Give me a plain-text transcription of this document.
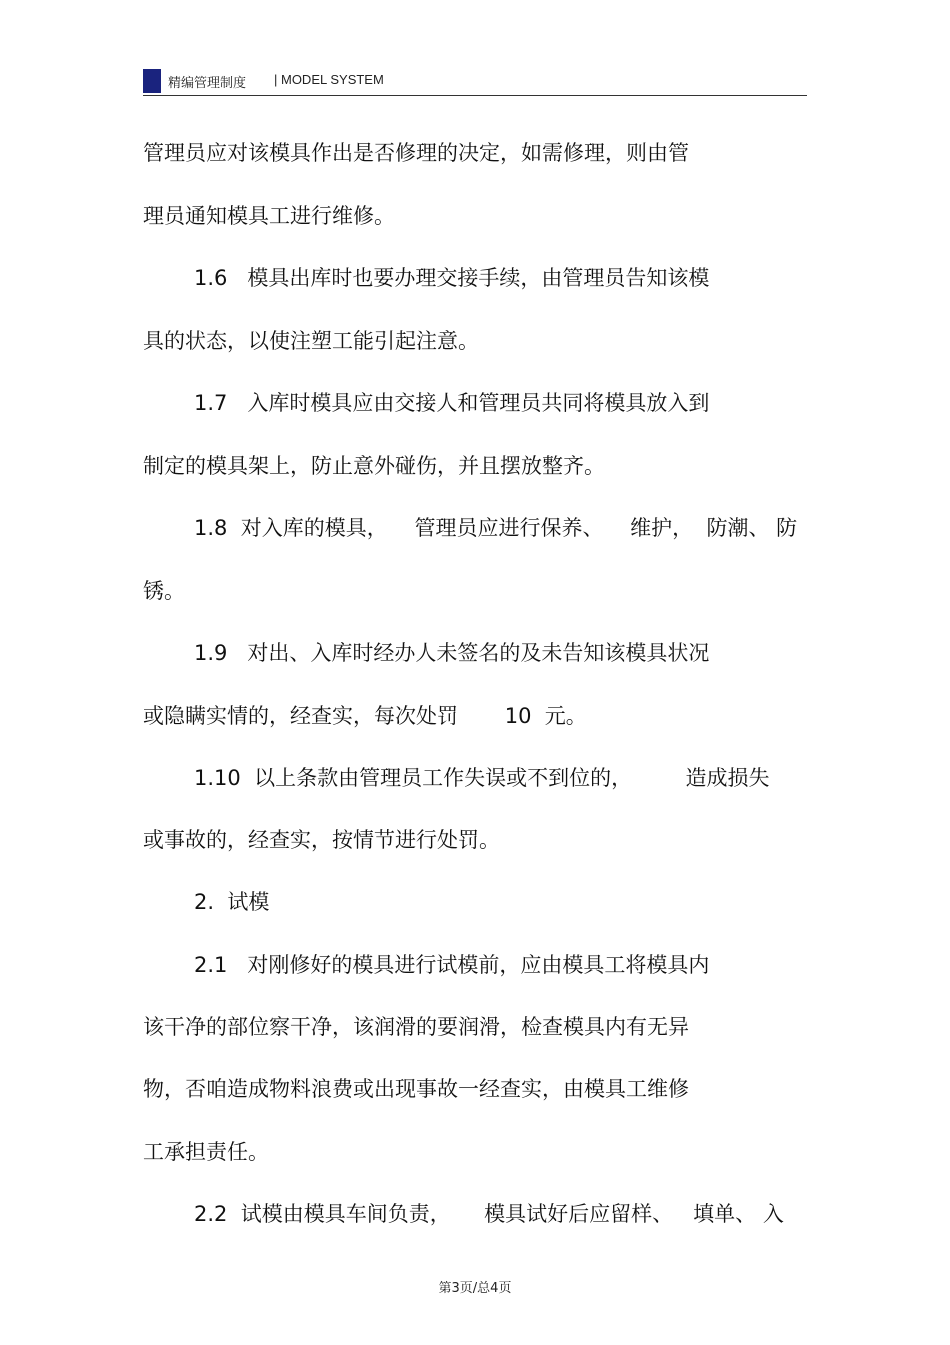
精编管理制度 | MODEL SYSTEM
管理员应对该模具作出是否修理的决定，如需修理，则由管
理员通知模具工进行维修。
1.6   模具出库时也要办理交接手续，由管理员告知该模
具的状态，以使注塑工能引起注意。
1.7   入库时模具应由交接人和管理员共同将模具放入到
制定的模具架上，防止意外碰伤，并且摆放整齐。
1.8  对入库的模具，    管理员应进行保养、    维护，  防潮、 防
锈。
1.9   对出、入库时经办人未签名的及未告知该模具状况
或隐瞒实情的，经查实，每次处罚       10  元。
1.10  以上条款由管理员工作失误或不到位的，        造成损失
或事故的，经查实，按情节进行处罚。
2.  试模
2.1   对刚修好的模具进行试模前，应由模具工将模具内
该干净的部位察干净，该润滑的要润滑，检查模具内有无异
物，否咱造成物料浪费或出现事故一经查实，由模具工维修
工承担责任。
2.2  试模由模具车间负责，     模具试好后应留样、   填单、 入
第3页/总4页
